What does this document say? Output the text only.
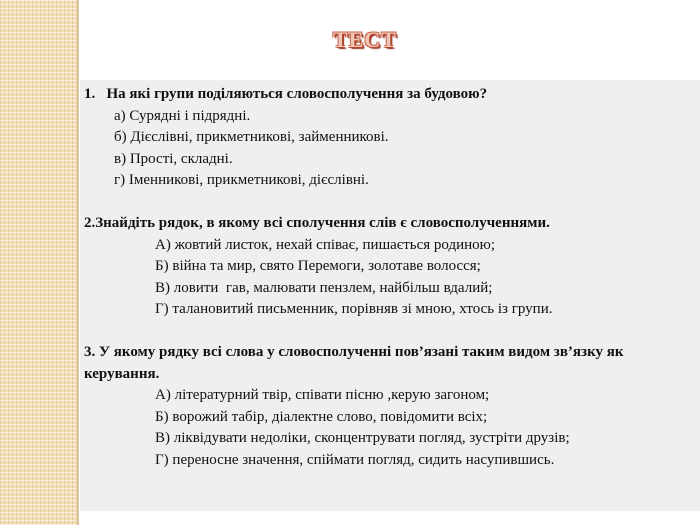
ТЕСТ
1.   На які групи поділяються словосполучення за будовою?
а) Сурядні і підрядні.
б) Дієслівні, прикметникові, займенникові.
в) Прості, складні.
г) Іменникові, прикметникові, дієслівні.
2.Знайдіть рядок, в якому всі сполучення слів є словосполученнями.
А) жовтий листок, нехай співає, пишається родиною;
Б) війна та мир, свято Перемоги, золотаве волосся;
В) ловити  гав, малювати пензлем, найбільш вдалий;
Г) талановитий письменник, порівняв зі мною, хтось із групи.
3. У якому рядку всі слова у словосполученні пов’язані таким видом зв’язку як керування.
А) літературний твір, співати пісню ,керую загоном;
Б) ворожий табір, діалектне слово, повідомити всіх;
В) ліквідувати недоліки, сконцентрувати погляд, зустріти друзів;
Г) переносне значення, спіймати погляд, сидить насупившись.
